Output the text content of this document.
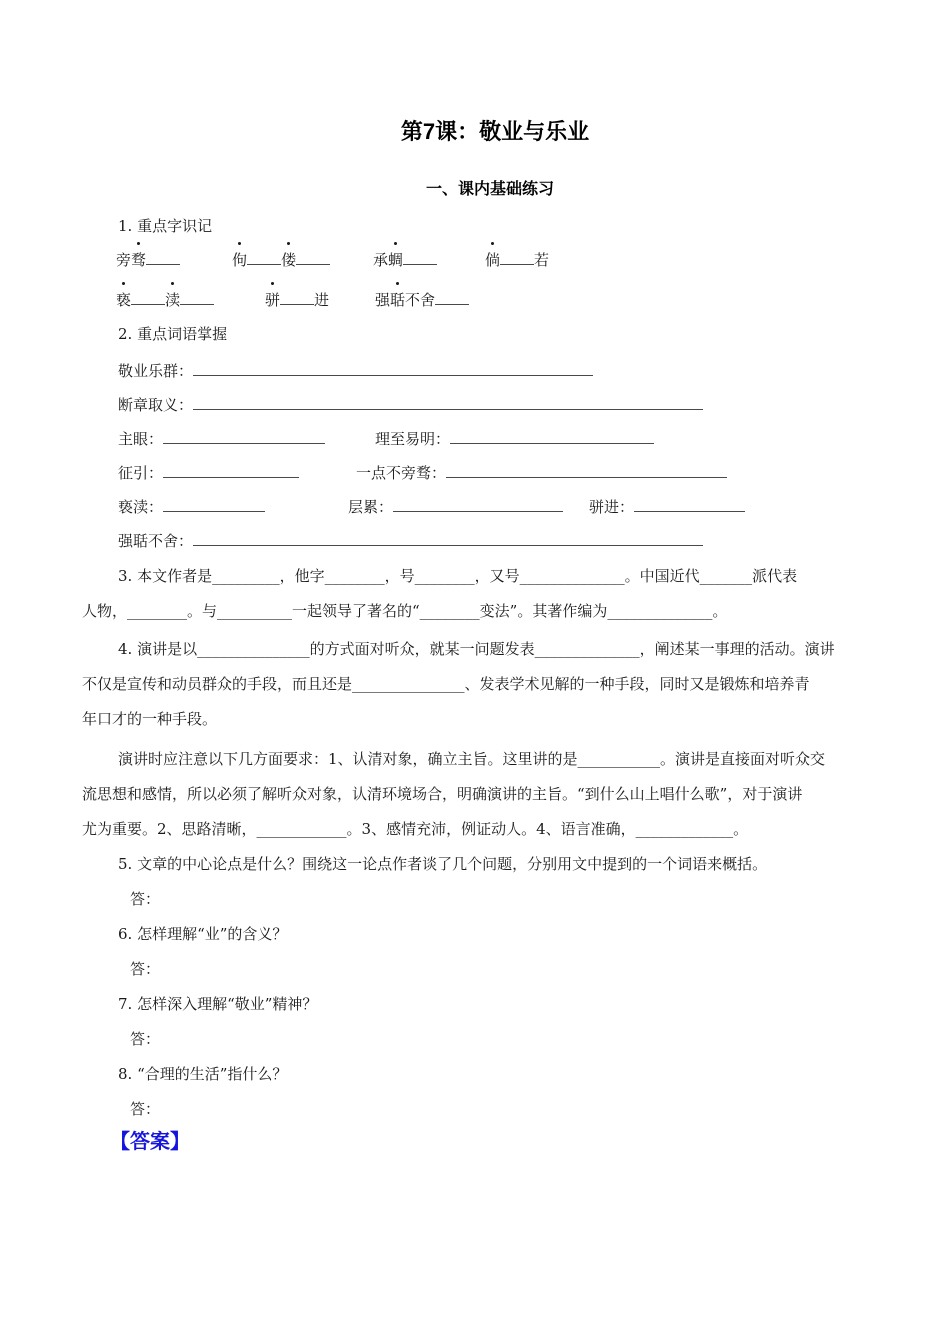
第7课：敬业与乐业
一、课内基础练习
1. 重点字识记
旁骛	佝 偻	承蜩	倘 若
亵 渎	骈 进	强聒不舍
2. 重点词语掌握
敬业乐群：
断章取义：
主眼：	理至易明：
征引：	一点不旁骛：
亵渎：	层累：	骈进：
强聒不舍：
3. 本文作者是_________，他字________，号________，又号______________。中国近代_______派代表
人物，________。与__________一起领导了著名的“________变法”。其著作编为______________。
4. 演讲是以_______________的方式面对听众，就某一问题发表______________，阐述某一事理的活动。演讲
不仅是宣传和动员群众的手段，而且还是_______________、发表学术见解的一种手段，同时又是锻炼和培养青
年口才的一种手段。
演讲时应注意以下几方面要求：1、认清对象，确立主旨。这里讲的是___________。演讲是直接面对听众交
流思想和感情，所以必须了解听众对象，认清环境场合，明确演讲的主旨。“到什么山上唱什么歌”，对于演讲
尤为重要。2、思路清晰，____________。3、感情充沛，例证动人。4、语言准确，_____________。
5. 文章的中心论点是什么？围绕这一论点作者谈了几个问题，分别用文中提到的一个词语来概括。
答：
6. 怎样理解“业”的含义？
答：
7. 怎样深入理解“敬业”精神？
答：
8. “合理的生活”指什么？
答：
【答案】
